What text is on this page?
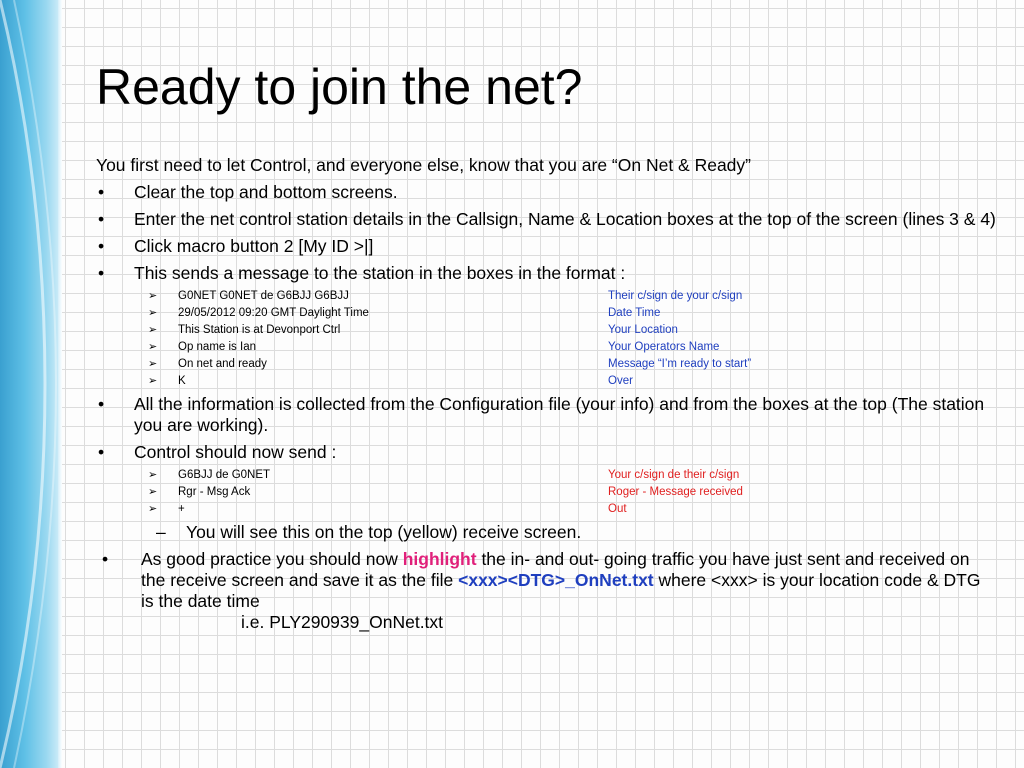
Ready to join the net?

You first need to let Control, and everyone else, know that you are “On Net & Ready”

• Clear the top and bottom screens.
• Enter the net control station details in the Callsign, Name & Location boxes at the top of the screen (lines 3 & 4)
• Click macro button 2 [My ID >|]
• This sends a message to the station in the boxes in the format :
➢ G0NET G0NET de G6BJJ G6BJJ	Their c/sign de your c/sign
➢ 29/05/2012 09:20 GMT Daylight Time	Date Time
➢ This Station is at Devonport Ctrl	Your Location
➢ Op name is Ian	Your Operators Name
➢ On net and ready	Message “I’m ready to start”
➢ K	Over
• All the information is collected from the Configuration file (your info) and from the boxes at the top (The station you are working).
• Control should now send :
➢ G6BJJ de G0NET	Your c/sign de their c/sign
➢ Rgr - Msg Ack	Roger - Message received
➢ +	Out
– You will see this on the top (yellow) receive screen.
• As good practice you should now highlight the in- and out- going traffic you have just sent and received on the receive screen and save it as the file <xxx><DTG>_OnNet.txt where <xxx> is your location code & DTG is the date time
i.e. PLY290939_OnNet.txt
